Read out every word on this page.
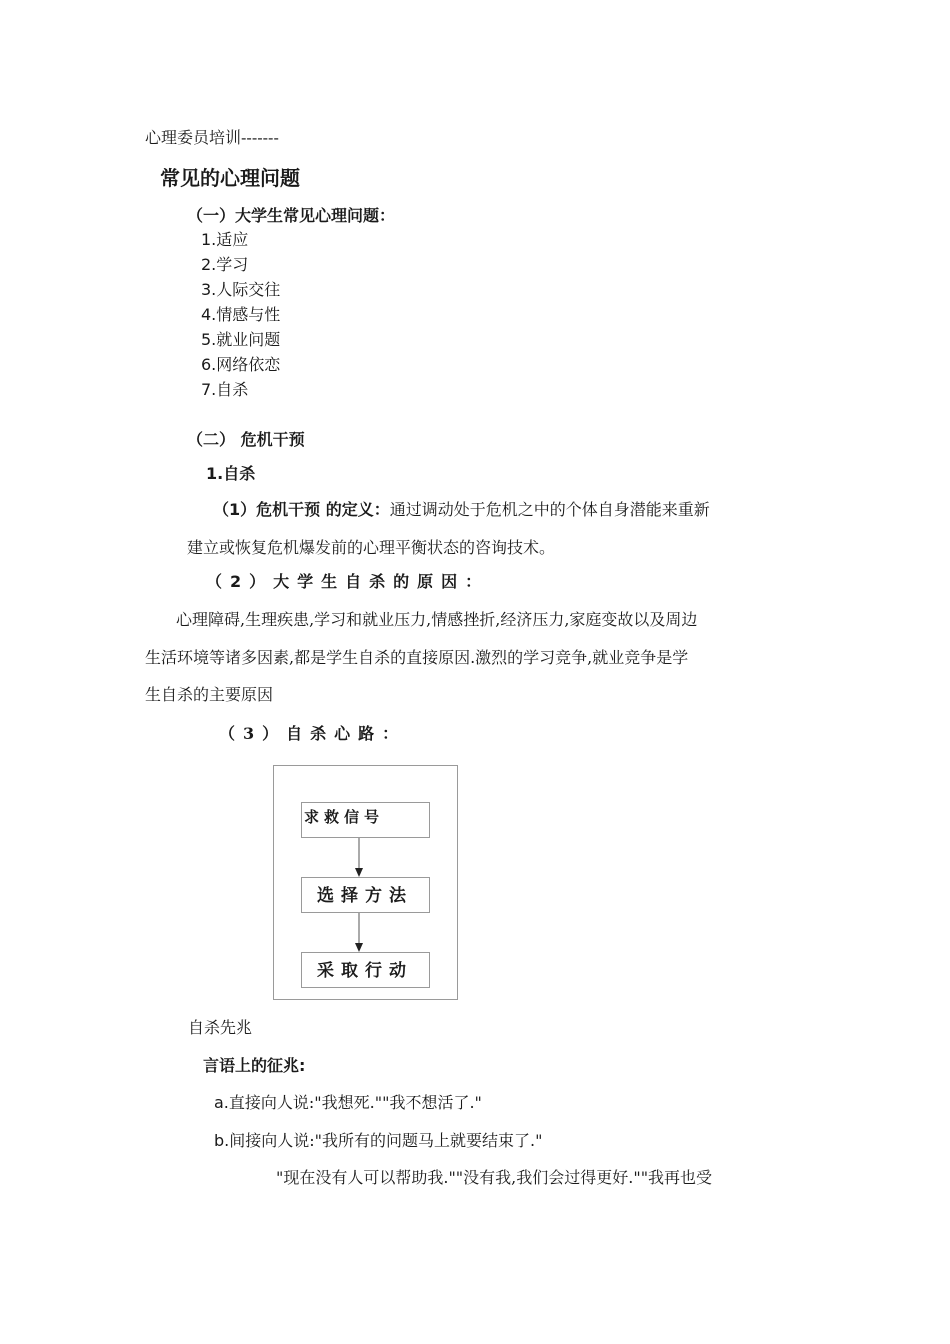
心理委员培训-------
常见的心理问题
（一）大学生常见心理问题：
1.适应
2.学习
3.人际交往
4.情感与性
5.就业问题
6.网络依恋
7.自杀
（二） 危机干预
1.自杀
（1）危机干预 的定义：通过调动处于危机之中的个体自身潜能来重新
建立或恢复危机爆发前的心理平衡状态的咨询技术。
（2）大学生自杀的原因：
心理障碍,生理疾患,学习和就业压力,情感挫折,经济压力,家庭变故以及周边
生活环境等诸多因素,都是学生自杀的直接原因.激烈的学习竞争,就业竞争是学
生自杀的主要原因
（3）自杀心路：
求救信号
选择方法
采取行动
自杀先兆
言语上的征兆:
a.直接向人说:"我想死.""我不想活了."
b.间接向人说:"我所有的问题马上就要结束了."
"现在没有人可以帮助我.""没有我,我们会过得更好.""我再也受
